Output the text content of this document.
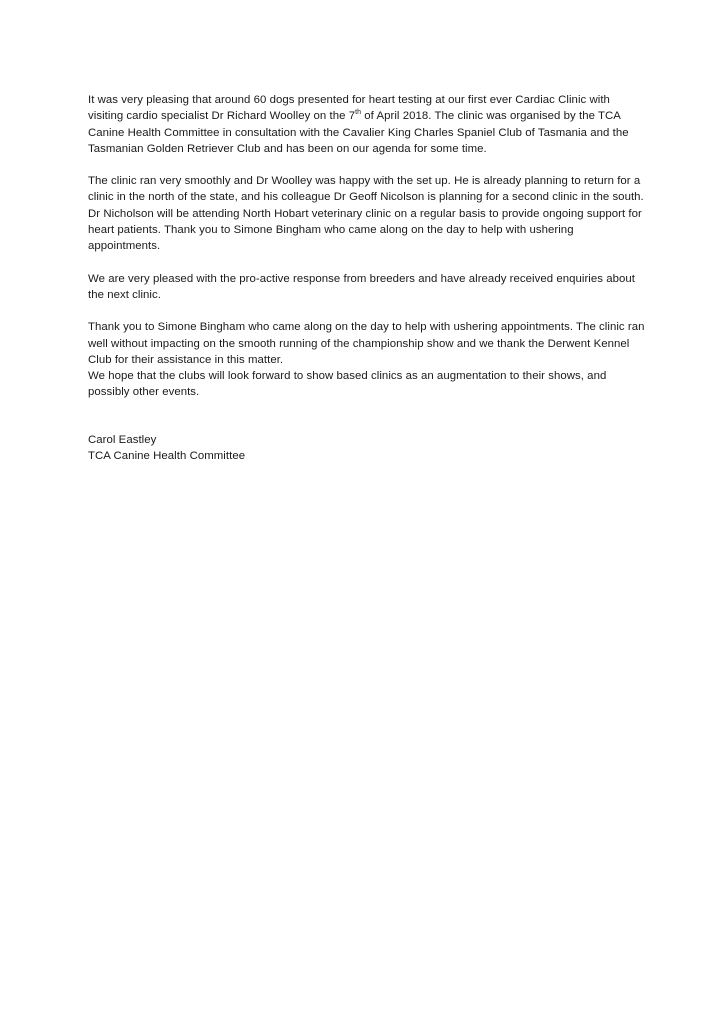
It was very pleasing that around 60 dogs presented for heart testing at our first ever Cardiac Clinic with visiting cardio specialist Dr Richard Woolley on the 7th of April 2018. The clinic was organised by the TCA Canine Health Committee in consultation with the Cavalier King Charles Spaniel Club of Tasmania and the Tasmanian Golden Retriever Club and has been on our agenda for some time.

The clinic ran very smoothly and Dr Woolley was happy with the set up. He is already planning to return for a clinic in the north of the state, and his colleague Dr Geoff Nicolson is planning for a second clinic in the south. Dr Nicholson will be attending North Hobart veterinary clinic on a regular basis to provide ongoing support for heart patients. Thank you to Simone Bingham who came along on the day to help with ushering appointments.

We are very pleased with the pro-active response from breeders and have already received enquiries about the next clinic.

Thank you to Simone Bingham who came along on the day to help with ushering appointments. The clinic ran well without impacting on the smooth running of the championship show and we thank the Derwent Kennel Club for their assistance in this matter.

We hope that the clubs will look forward to show based clinics as an augmentation to their shows, and possibly other events.

Carol Eastley
TCA Canine Health Committee
